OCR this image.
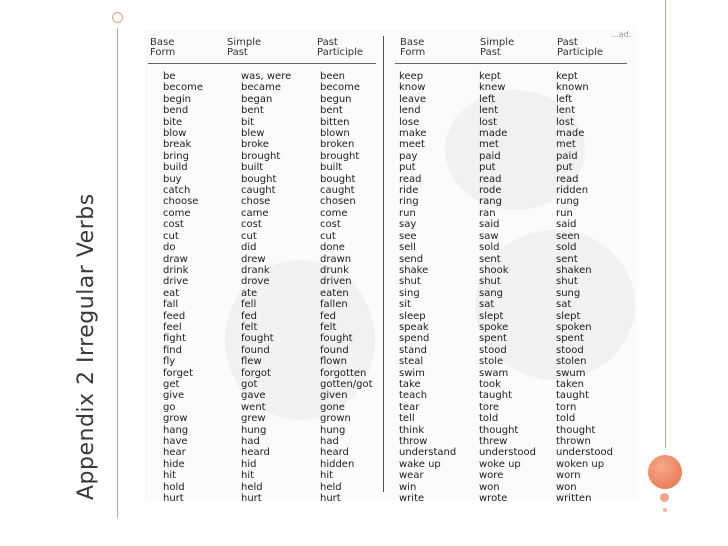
Appendix 2 Irregular Verbs
...ad.
Base
Form
Simple
Past
Past
Participle
Base
Form
Simple
Past
Past
Participle
be
become
begin
bend
bite
blow
break
bring
build
buy
catch
choose
come
cost
cut
do
draw
drink
drive
eat
fall
feed
feel
fight
find
fly
forget
get
give
go
grow
hang
have
hear
hide
hit
hold
hurt
was, were
became
began
bent
bit
blew
broke
brought
built
bought
caught
chose
came
cost
cut
did
drew
drank
drove
ate
fell
fed
felt
fought
found
flew
forgot
got
gave
went
grew
hung
had
heard
hid
hit
held
hurt
been
become
begun
bent
bitten
blown
broken
brought
built
bought
caught
chosen
come
cost
cut
done
drawn
drunk
driven
eaten
fallen
fed
felt
fought
found
flown
forgotten
gotten/got
given
gone
grown
hung
had
heard
hidden
hit
held
hurt
keep
know
leave
lend
lose
make
meet
pay
put
read
ride
ring
run
say
see
sell
send
shake
shut
sing
sit
sleep
speak
spend
stand
steal
swim
take
teach
tear
tell
think
throw
understand
wake up
wear
win
write
kept
knew
left
lent
lost
made
met
paid
put
read
rode
rang
ran
said
saw
sold
sent
shook
shut
sang
sat
slept
spoke
spent
stood
stole
swam
took
taught
tore
told
thought
threw
understood
woke up
wore
won
wrote
kept
known
left
lent
lost
made
met
paid
put
read
ridden
rung
run
said
seen
sold
sent
shaken
shut
sung
sat
slept
spoken
spent
stood
stolen
swum
taken
taught
torn
told
thought
thrown
understood
woken up
worn
won
written
